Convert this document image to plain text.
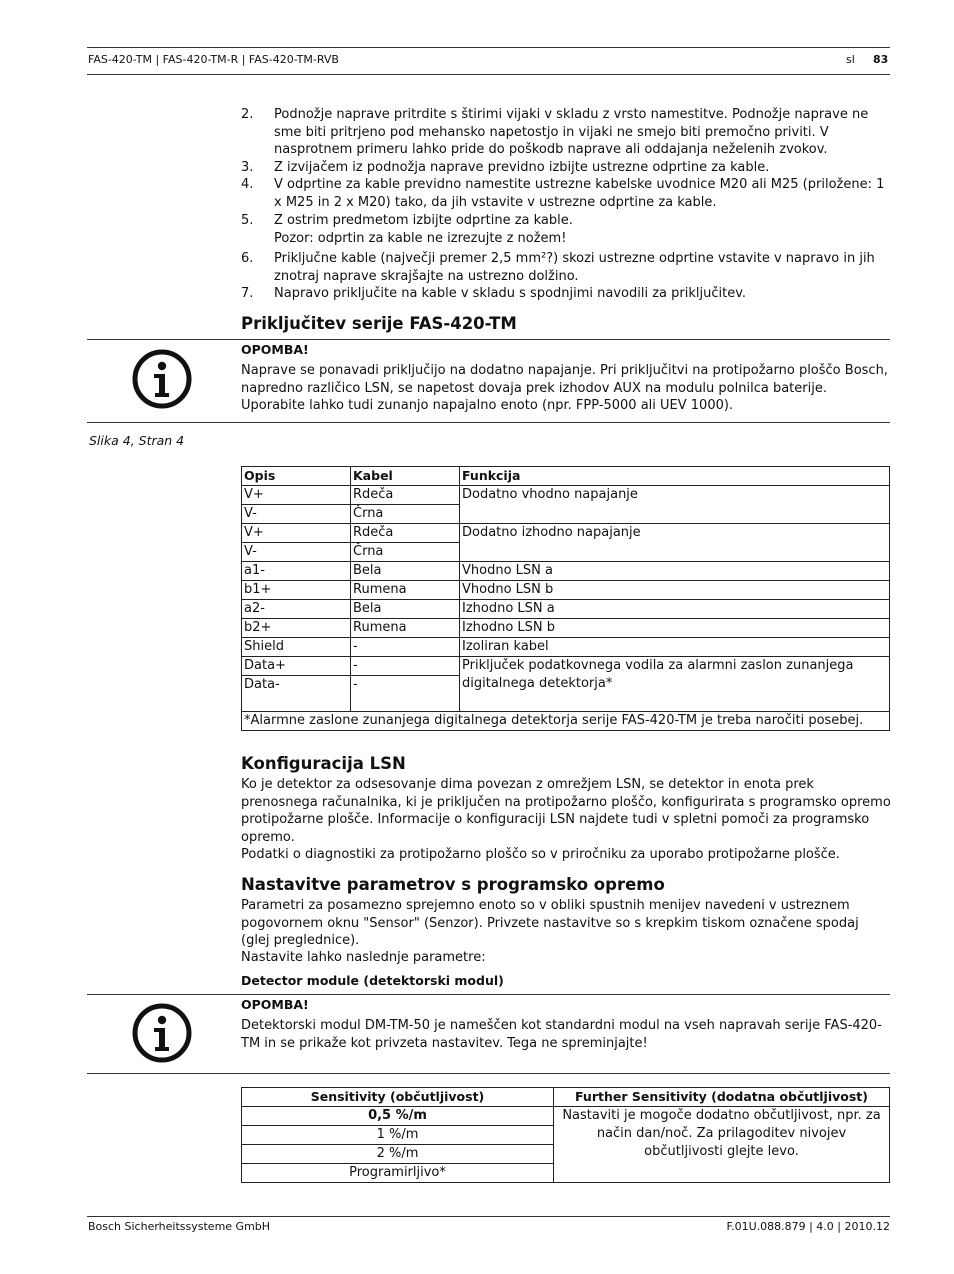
FAS-420-TM | FAS-420-TM-R | FAS-420-TM-RVB	sl 83
2. Podnožje naprave pritrdite s štirimi vijaki v skladu z vrsto namestitve. Podnožje naprave ne sme biti pritrjeno pod mehansko napetostjo in vijaki ne smejo biti premočno priviti. V nasprotnem primeru lahko pride do poškodb naprave ali oddajanja neželenih zvokov.
3. Z izvijačem iz podnožja naprave previdno izbijte ustrezne odprtine za kable.
4. V odprtine za kable previdno namestite ustrezne kabelske uvodnice M20 ali M25 (priložene: 1 x M25 in 2 x M20) tako, da jih vstavite v ustrezne odprtine za kable.
5. Z ostrim predmetom izbijte odprtine za kable.
Pozor: odprtin za kable ne izrezujte z nožem!
6. Priključne kable (največji premer 2,5 mm²?) skozi ustrezne odprtine vstavite v napravo in jih znotraj naprave skrajšajte na ustrezno dolžino.
7. Napravo priključite na kable v skladu s spodnjimi navodili za priključitev.
Priključitev serije FAS-420-TM
OPOMBA!
Naprave se ponavadi priključijo na dodatno napajanje. Pri priključitvi na protipožarno ploščo Bosch, napredno različico LSN, se napetost dovaja prek izhodov AUX na modulu polnilca baterije. Uporabite lahko tudi zunanjo napajalno enoto (npr. FPP-5000 ali UEV 1000).
Slika 4, Stran 4
Opis	Kabel	Funkcija
V+	Rdeča	Dodatno vhodno napajanje
V-	Črna	
V+	Rdeča	Dodatno izhodno napajanje
V-	Črna	
a1-	Bela	Vhodno LSN a
b1+	Rumena	Vhodno LSN b
a2-	Bela	Izhodno LSN a
b2+	Rumena	Izhodno LSN b
Shield	-	Izoliran kabel
Data+	-	Priključek podatkovnega vodila za alarmni zaslon zunanjega digitalnega detektorja*
Data-	-	
*Alarmne zaslone zunanjega digitalnega detektorja serije FAS-420-TM je treba naročiti posebej.		
Konfiguracija LSN
Ko je detektor za odsesovanje dima povezan z omrežjem LSN, se detektor in enota prek prenosnega računalnika, ki je priključen na protipožarno ploščo, konfigurirata s programsko opremo protipožarne plošče. Informacije o konfiguraciji LSN najdete tudi v spletni pomoči za programsko opremo.
Podatki o diagnostiki za protipožarno ploščo so v priročniku za uporabo protipožarne plošče.
Nastavitve parametrov s programsko opremo
Parametri za posamezno sprejemno enoto so v obliki spustnih menijev navedeni v ustreznem pogovornem oknu "Sensor" (Senzor). Privzete nastavitve so s krepkim tiskom označene spodaj (glej preglednice).
Nastavite lahko naslednje parametre:
Detector module (detektorski modul)
OPOMBA!
Detektorski modul DM-TM-50 je nameščen kot standardni modul na vseh napravah serije FAS-420-TM in se prikaže kot privzeta nastavitev. Tega ne spreminjajte!
Sensitivity (občutljivost)	Further Sensitivity (dodatna občutljivost)
0,5 %/m	Nastaviti je mogoče dodatno občutljivost, npr. za način dan/noč. Za prilagoditev nivojev občutljivosti glejte levo.
1 %/m	
2 %/m	
Programirljivo*	
Bosch Sicherheitssysteme GmbH	F.01U.088.879 | 4.0 | 2010.12
